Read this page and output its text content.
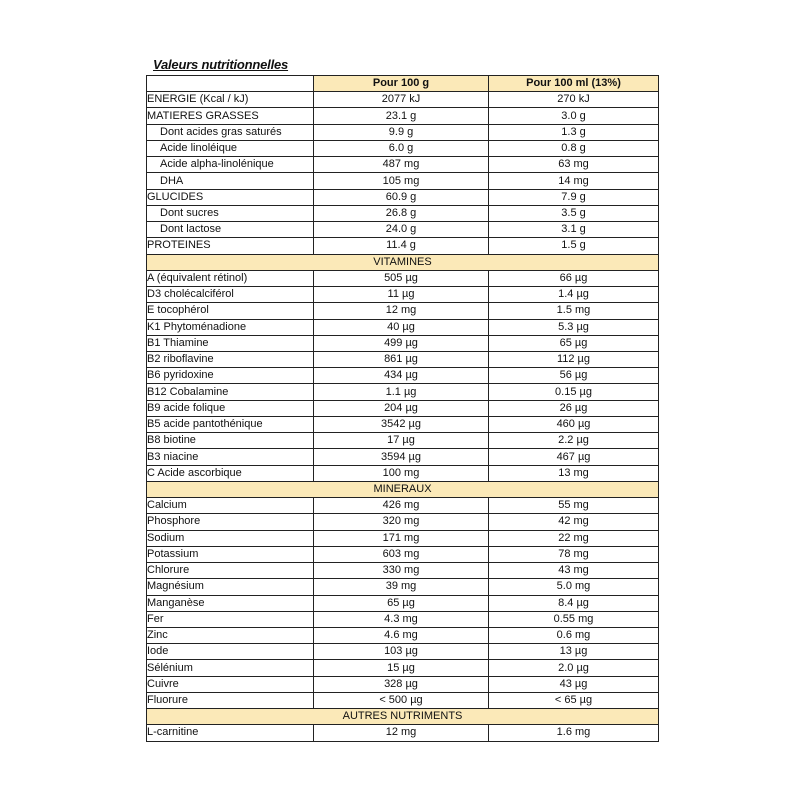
Valeurs nutritionnelles
	Pour 100 g	Pour 100 ml (13%)
ENERGIE (Kcal / kJ)	2077 kJ	270 kJ
MATIERES GRASSES	23.1 g	3.0 g
Dont acides gras saturés	9.9 g	1.3 g
Acide linoléique	6.0 g	0.8 g
Acide alpha-linolénique	487 mg	63 mg
DHA	105 mg	14 mg
GLUCIDES	60.9 g	7.9 g
Dont sucres	26.8 g	3.5 g
Dont lactose	24.0 g	3.1 g
PROTEINES	11.4 g	1.5 g
VITAMINES		
A (équivalent rétinol)	505 µg	66 µg
D3 cholécalciférol	11 µg	1.4 µg
E tocophérol	12 mg	1.5 mg
K1 Phytoménadione	40 µg	5.3 µg
B1 Thiamine	499 µg	65 µg
B2 riboflavine	861 µg	112 µg
B6 pyridoxine	434 µg	56 µg
B12 Cobalamine	1.1 µg	0.15 µg
B9 acide folique	204 µg	26 µg
B5 acide pantothénique	3542 µg	460 µg
B8 biotine	17 µg	2.2 µg
B3 niacine	3594 µg	467 µg
C Acide ascorbique	100 mg	13 mg
MINERAUX		
Calcium	426 mg	55 mg
Phosphore	320 mg	42 mg
Sodium	171 mg	22 mg
Potassium	603 mg	78 mg
Chlorure	330 mg	43 mg
Magnésium	39 mg	5.0 mg
Manganèse	65 µg	8.4 µg
Fer	4.3 mg	0.55 mg
Zinc	4.6 mg	0.6 mg
Iode	103 µg	13 µg
Sélénium	15 µg	2.0 µg
Cuivre	328 µg	43 µg
Fluorure	< 500 µg	< 65 µg
AUTRES NUTRIMENTS		
L-carnitine	12 mg	1.6 mg
